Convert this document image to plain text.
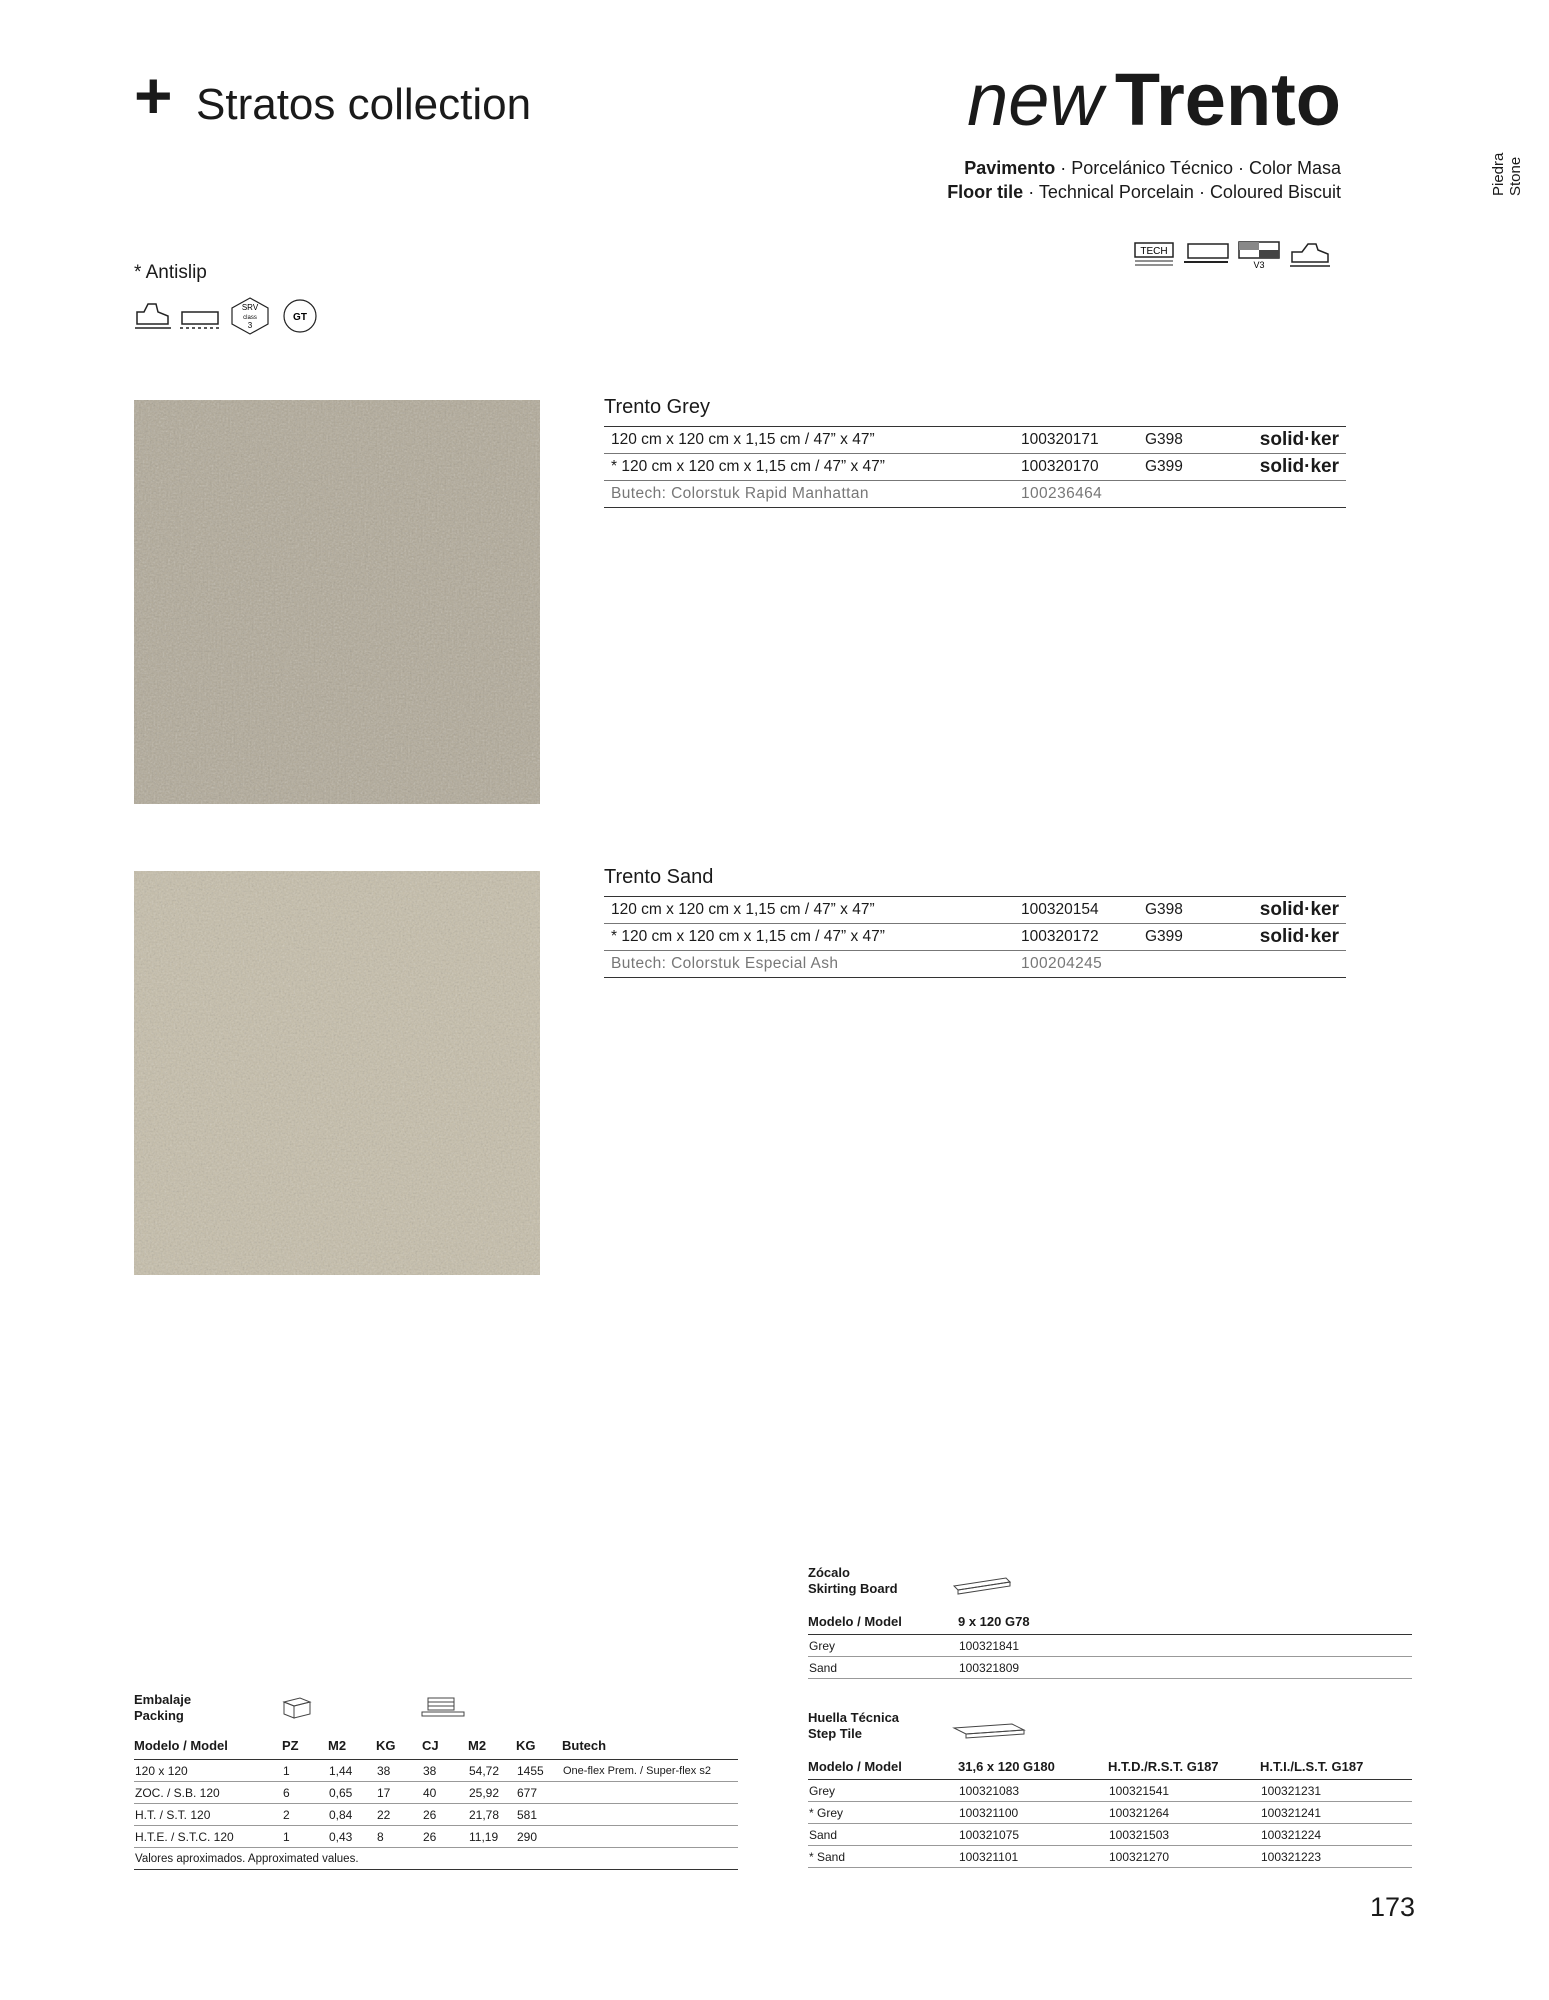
+ Stratos collection	new Trento
Pavimento · Porcelánico Técnico · Color Masa
Floor tile · Technical Porcelain · Coloured Biscuit	Piedra Stone
TECH
V3
* Antislip
SRV
class
3
GT
Trento Grey
120 cm x 120 cm x 1,15 cm / 47” x 47”	100320171	G398	solid·ker
* 120 cm x 120 cm x 1,15 cm / 47” x 47”	100320170	G399	solid·ker
Butech: Colorstuk Rapid Manhattan	100236464		
Trento Sand
120 cm x 120 cm x 1,15 cm / 47” x 47”	100320154	G398	solid·ker
* 120 cm x 120 cm x 1,15 cm / 47” x 47”	100320172	G399	solid·ker
Butech: Colorstuk Especial Ash	100204245		
Zócalo
Skirting Board
Modelo / Model	9 x 120 G78
Grey	100321841
Sand	100321809
Huella Técnica
Step Tile
Modelo / Model	31,6 x 120 G180	H.T.D./R.S.T. G187	H.T.I./L.S.T. G187
Grey	100321083	100321541	100321231
* Grey	100321100	100321264	100321241
Sand	100321075	100321503	100321224
* Sand	100321101	100321270	100321223
Embalaje
Packing
Modelo / Model	PZ	M2	KG	CJ	M2	KG	Butech
120 x 120	1	1,44	38	38	54,72	1455	One-flex Prem. / Super-flex s2
ZOC. / S.B. 120	6	0,65	17	40	25,92	677	
H.T. / S.T. 120	2	0,84	22	26	21,78	581	
H.T.E. / S.T.C. 120	1	0,43	8	26	11,19	290	
Valores aproximados. Approximated values.							
173
